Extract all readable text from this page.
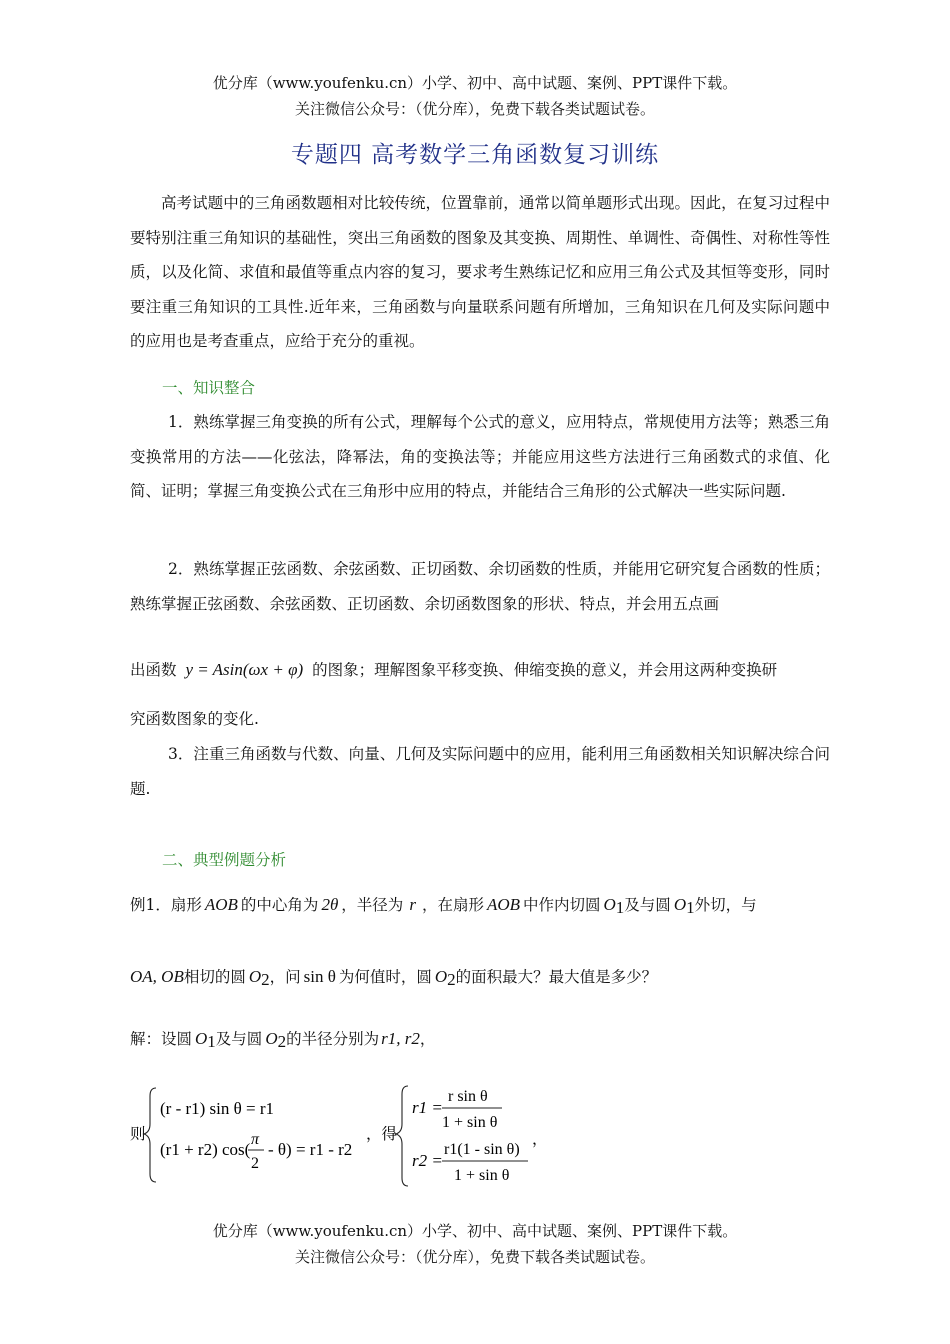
优分库（www.youfenku.cn）小学、初中、高中试题、案例、PPT课件下载。
关注微信公众号：（优分库），免费下载各类试题试卷。
专题四 高考数学三角函数复习训练

高考试题中的三角函数题相对比较传统，位置靠前，通常以简单题形式出现。因此，在复习过程中要特别注重三角知识的基础性，突出三角函数的图象及其变换、周期性、单调性、奇偶性、对称性等性质，以及化简、求值和最值等重点内容的复习，要求考生熟练记忆和应用三角公式及其恒等变形，同时要注重三角知识的工具性.近年来，三角函数与向量联系问题有所增加，三角知识在几何及实际问题中的应用也是考查重点，应给于充分的重视。

一、知识整合

1．熟练掌握三角变换的所有公式，理解每个公式的意义，应用特点，常规使用方法等；熟悉三角变换常用的方法——化弦法，降幂法，角的变换法等；并能应用这些方法进行三角函数式的求值、化简、证明；掌握三角变换公式在三角形中应用的特点，并能结合三角形的公式解决一些实际问题.

2．熟练掌握正弦函数、余弦函数、正切函数、余切函数的性质，并能用它研究复合函数的性质；熟练掌握正弦函数、余弦函数、正切函数、余切函数图象的形状、特点，并会用五点画

出函数 y = Asin(ωx + φ) 的图象；理解图象平移变换、伸缩变换的意义，并会用这两种变换研
究函数图象的变化.

3．注重三角函数与代数、向量、几何及实际问题中的应用，能利用三角函数相关知识解决综合问题.

二、典型例题分析
例1．扇形 AOB 的中心角为 2θ ，半径为 r ，在扇形 AOB 中作内切圆 $O_1$及与圆 $O_1$外切，与
OA, OB相切的圆 $O_2$，问 sin θ 为何值时，圆 $O_2$的面积最大？最大值是多少？
解：设圆 $O_1$及与圆 $O_2$的半径分别为 r1, r2，
则
(r - r1) sin θ = r1
(r1 + r2) cos(
π
2
- θ) = r1 - r2
，得
r1 =
r sin θ
1 + sin θ
r2 =
r1(1 - sin θ)
1 + sin θ
，
优分库（www.youfenku.cn）小学、初中、高中试题、案例、PPT课件下载。
关注微信公众号：（优分库），免费下载各类试题试卷。
